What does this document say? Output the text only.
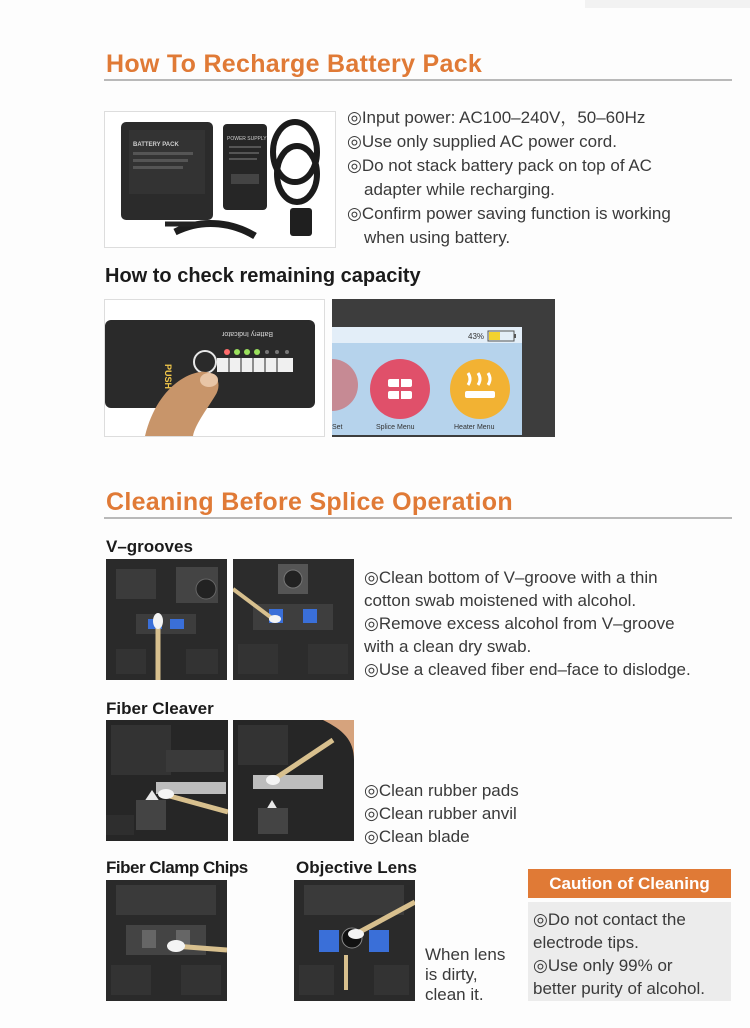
How To Recharge Battery Pack
BATTERY PACK
POWER SUPPLY
◎Input power: AC100–240V，50–60Hz
◎Use only supplied AC power cord.
◎Do not stack battery pack on top of AC
adapter while recharging.
◎Confirm power saving function is working
when using battery.
How to check remaining capacity
Battery Indicator
PUSH
43%
Set	Splice Menu	Heater Menu
Cleaning Before Splice Operation
V–grooves
◎Clean bottom of V–groove with a thin
cotton swab moistened with alcohol.
◎Remove excess alcohol from V–groove
with a clean dry swab.
◎Use a cleaved fiber end–face to dislodge.
Fiber Cleaver
◎Clean rubber pads
◎Clean rubber anvil
◎Clean blade
Fiber Clamp Chips	Objective Lens
When lens
is dirty,
clean it.
Caution of Cleaning
◎Do not contact the
electrode tips.
◎Use only 99% or
better purity of alcohol.
